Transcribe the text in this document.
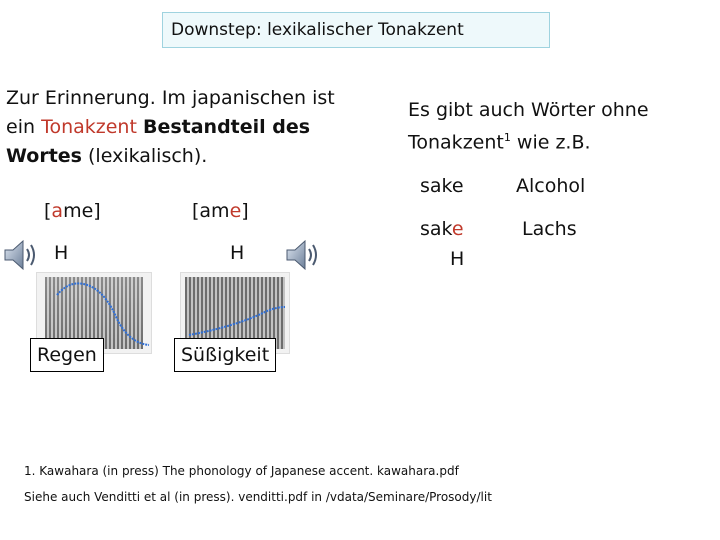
Downstep: lexikalischer Tonakzent
Zur Erinnerung. Im japanischen ist ein Tonakzent Bestandteil des Wortes (lexikalisch).
[ame]
H
Regen
[ame]
H
Süßigkeit
Es gibt auch Wörter ohne
Tonakzent$^1$ wie z.B.
sake	Alcohol
sake
H
Lachs
1. Kawahara (in press) The phonology of Japanese accent. kawahara.pdf
Siehe auch Venditti et al (in press). venditti.pdf in /vdata/Seminare/Prosody/lit
